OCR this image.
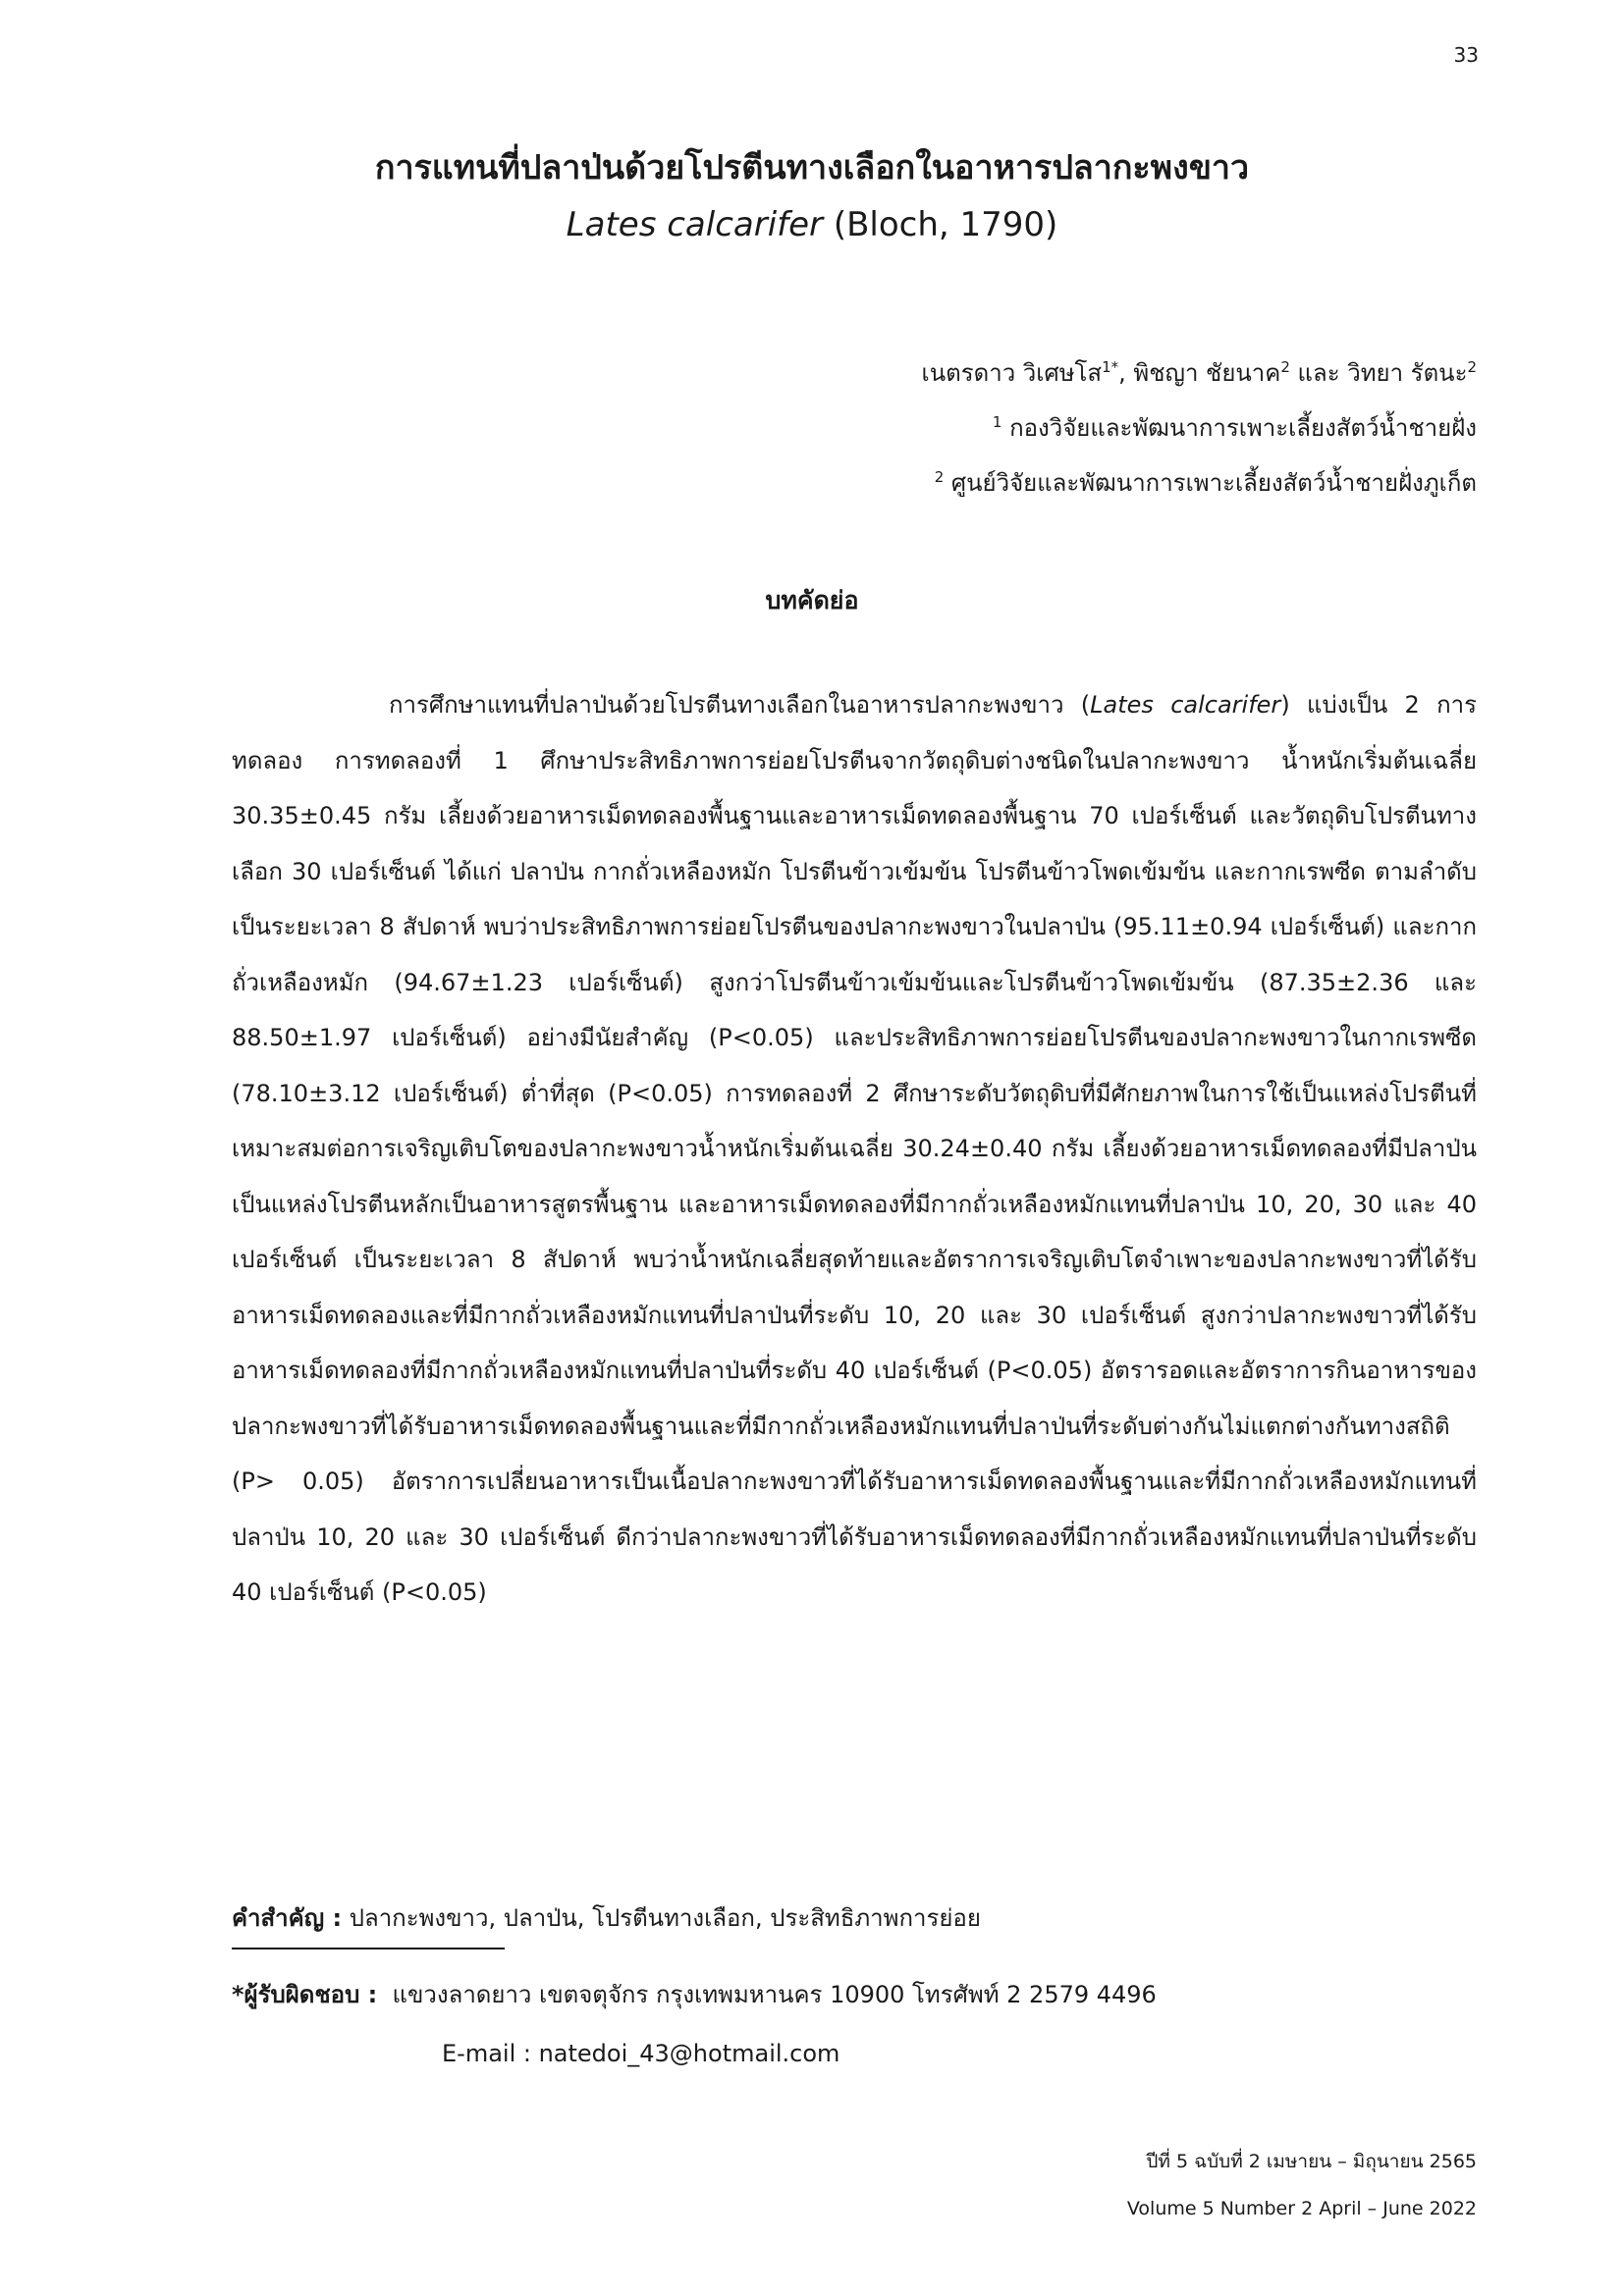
33

การแทนที่ปลาป่นด้วยโปรตีนทางเลือกในอาหารปลากะพงขาว

Lates calcarifer (Bloch, 1790)

เนตรดาว วิเศษโส$^{1*}$, พิชญา ชัยนาค$^2$ และ วิทยา รัตนะ$^2$
$^1$ กองวิจัยและพัฒนาการเพาะเลี้ยงสัตว์น้ำชายฝั่ง
$^2$ ศูนย์วิจัยและพัฒนาการเพาะเลี้ยงสัตว์น้ำชายฝั่งภูเก็ต
บทคัดย่อ

การศึกษาแทนที่ปลาป่นด้วยโปรตีนทางเลือกในอาหารปลากะพงขาว (Lates calcarifer) แบ่งเป็น 2 การทดลอง การทดลองที่ 1 ศึกษาประสิทธิภาพการย่อยโปรตีนจากวัตถุดิบต่างชนิดในปลากะพงขาว น้ำหนักเริ่มต้นเฉลี่ย 30.35±0.45 กรัม เลี้ยงด้วยอาหารเม็ดทดลองพื้นฐานและอาหารเม็ดทดลองพื้นฐาน 70 เปอร์เซ็นต์ และวัตถุดิบโปรตีนทางเลือก 30 เปอร์เซ็นต์ ได้แก่ ปลาป่น กากถั่วเหลืองหมัก โปรตีนข้าวเข้มข้น โปรตีนข้าวโพดเข้มข้น และกากเรพซีด ตามลำดับ เป็นระยะเวลา 8 สัปดาห์ พบว่าประสิทธิภาพการย่อยโปรตีนของปลากะพงขาวในปลาป่น (95.11±0.94 เปอร์เซ็นต์) และกากถั่วเหลืองหมัก (94.67±1.23 เปอร์เซ็นต์) สูงกว่าโปรตีนข้าวเข้มข้นและโปรตีนข้าวโพดเข้มข้น (87.35±2.36 และ 88.50±1.97 เปอร์เซ็นต์) อย่างมีนัยสำคัญ (P<0.05) และประสิทธิภาพการย่อยโปรตีนของปลากะพงขาวในกากเรพซีด (78.10±3.12 เปอร์เซ็นต์) ต่ำที่สุด (P<0.05) การทดลองที่ 2 ศึกษาระดับวัตถุดิบที่มีศักยภาพในการใช้เป็นแหล่งโปรตีนที่เหมาะสมต่อการเจริญเติบโตของปลากะพงขาวน้ำหนักเริ่มต้นเฉลี่ย 30.24±0.40 กรัม เลี้ยงด้วยอาหารเม็ดทดลองที่มีปลาป่นเป็นแหล่งโปรตีนหลักเป็นอาหารสูตรพื้นฐาน และอาหารเม็ดทดลองที่มีกากถั่วเหลืองหมักแทนที่ปลาป่น 10, 20, 30 และ 40 เปอร์เซ็นต์ เป็นระยะเวลา 8 สัปดาห์ พบว่าน้ำหนักเฉลี่ยสุดท้ายและอัตราการเจริญเติบโตจำเพาะของปลากะพงขาวที่ได้รับอาหารเม็ดทดลองและที่มีกากถั่วเหลืองหมักแทนที่ปลาป่นที่ระดับ 10, 20 และ 30 เปอร์เซ็นต์ สูงกว่าปลากะพงขาวที่ได้รับอาหารเม็ดทดลองที่มีกากถั่วเหลืองหมักแทนที่ปลาป่นที่ระดับ 40 เปอร์เซ็นต์ (P<0.05) อัตรารอดและอัตราการกินอาหารของปลากะพงขาวที่ได้รับอาหารเม็ดทดลองพื้นฐานและที่มีกากถั่วเหลืองหมักแทนที่ปลาป่นที่ระดับต่างกันไม่แตกต่างกันทางสถิติ (P> 0.05) อัตราการเปลี่ยนอาหารเป็นเนื้อปลากะพงขาวที่ได้รับอาหารเม็ดทดลองพื้นฐานและที่มีกากถั่วเหลืองหมักแทนที่ปลาป่น 10, 20 และ 30 เปอร์เซ็นต์ ดีกว่าปลากะพงขาวที่ได้รับอาหารเม็ดทดลองที่มีกากถั่วเหลืองหมักแทนที่ปลาป่นที่ระดับ 40 เปอร์เซ็นต์ (P<0.05)

คำสำคัญ : ปลากะพงขาว, ปลาป่น, โปรตีนทางเลือก, ประสิทธิภาพการย่อย
*ผู้รับผิดชอบ :  แขวงลาดยาว เขตจตุจักร กรุงเทพมหานคร 10900 โทรศัพท์ 2 2579 4496
E-mail : natedoi_43@hotmail.com
ปีที่ 5 ฉบับที่ 2 เมษายน – มิถุนายน 2565
Volume 5 Number 2 April – June 2022
